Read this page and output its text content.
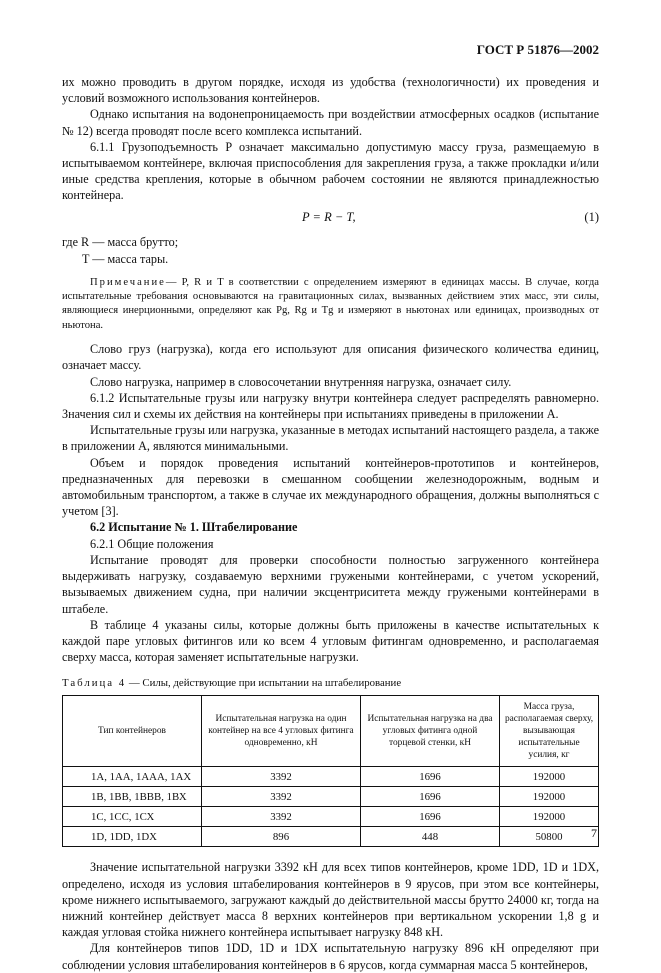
ГОСТ Р 51876—2002

их можно проводить в другом порядке, исходя из удобства (технологичности) их проведения и условий возможного использования контейнеров.

Однако испытания на водонепроницаемость при воздействии атмосферных осадков (испытание № 12) всегда проводят после всего комплекса испытаний.

6.1.1 Грузоподъемность P означает максимально допустимую массу груза, размещаемую в испытываемом контейнере, включая приспособления для закрепления груза, а также прокладки и/или иные средства крепления, которые в обычном рабочем состоянии не являются принадлежностью контейнера.

P = R − T,	(1)
где R — масса брутто;
T — масса тары.
Примечание— P, R и T в соответствии с определением измеряют в единицах массы. В случае, когда испытательные требования основываются на гравитационных силах, вызванных действием этих масс, эти силы, являющиеся инерционными, определяют как Pg, Rg и Tg и измеряют в ньютонах или единицах, производных от ньютона.

Слово груз (нагрузка), когда его используют для описания физического количества единиц, означает массу.

Слово нагрузка, например в словосочетании внутренняя нагрузка, означает силу.

6.1.2 Испытательные грузы или нагрузку внутри контейнера следует распределять равномерно. Значения сил и схемы их действия на контейнеры при испытаниях приведены в приложении А.

Испытательные грузы или нагрузка, указанные в методах испытаний настоящего раздела, а также в приложении А, являются минимальными.

Объем и порядок проведения испытаний контейнеров-прототипов и контейнеров, предназначенных для перевозки в смешанном сообщении железнодорожным, водным и автомобильным транспортом, а также в случае их международного обращения, должны выполняться с учетом [3].

6.2 Испытание № 1. Штабелирование

6.2.1 Общие положения

Испытание проводят для проверки способности полностью загруженного контейнера выдерживать нагрузку, создаваемую верхними гружеными контейнерами, с учетом ускорений, вызываемых движением судна, при наличии эксцентриситета между гружеными контейнерами в штабеле.

В таблице 4 указаны силы, которые должны быть приложены в качестве испытательных к каждой паре угловых фитингов или ко всем 4 угловым фитингам одновременно, и располагаемая сверху масса, которая заменяет испытательные нагрузки.

Таблица 4 — Силы, действующие при испытании на штабелирование
Тип контейнеров	Испытательная нагрузка на один контейнер на все 4 угловых фитинга одновременно, кН	Испытательная нагрузка на два угловых фитинга одной торцевой стенки, кН	Масса груза, располагаемая сверху, вызывающая испытательные усилия, кг
1А, 1АА, 1ААА, 1АХ	3392	1696	192000
1В, 1ВВ, 1ВВВ, 1ВХ	3392	1696	192000
1С, 1СС, 1СХ	3392	1696	192000
1D, 1DD, 1DX	896	448	50800

Значение испытательной нагрузки 3392 кН для всех типов контейнеров, кроме 1DD, 1D и 1DX, определено, исходя из условия штабелирования контейнеров в 9 ярусов, при этом все контейнеры, кроме нижнего испытываемого, загружают каждый до действительной массы брутто 24000 кг, тогда на нижний контейнер действует масса 8 верхних контейнеров при вертикальном ускорении 1,8 g и каждая угловая стойка нижнего контейнера испытывает нагрузку 848 кН.

Для контейнеров типов 1DD, 1D и 1DX испытательную нагрузку 896 кН определяют при соблюдении условия штабелирования контейнеров в 6 ярусов, когда суммарная масса 5 контейнеров,

7
